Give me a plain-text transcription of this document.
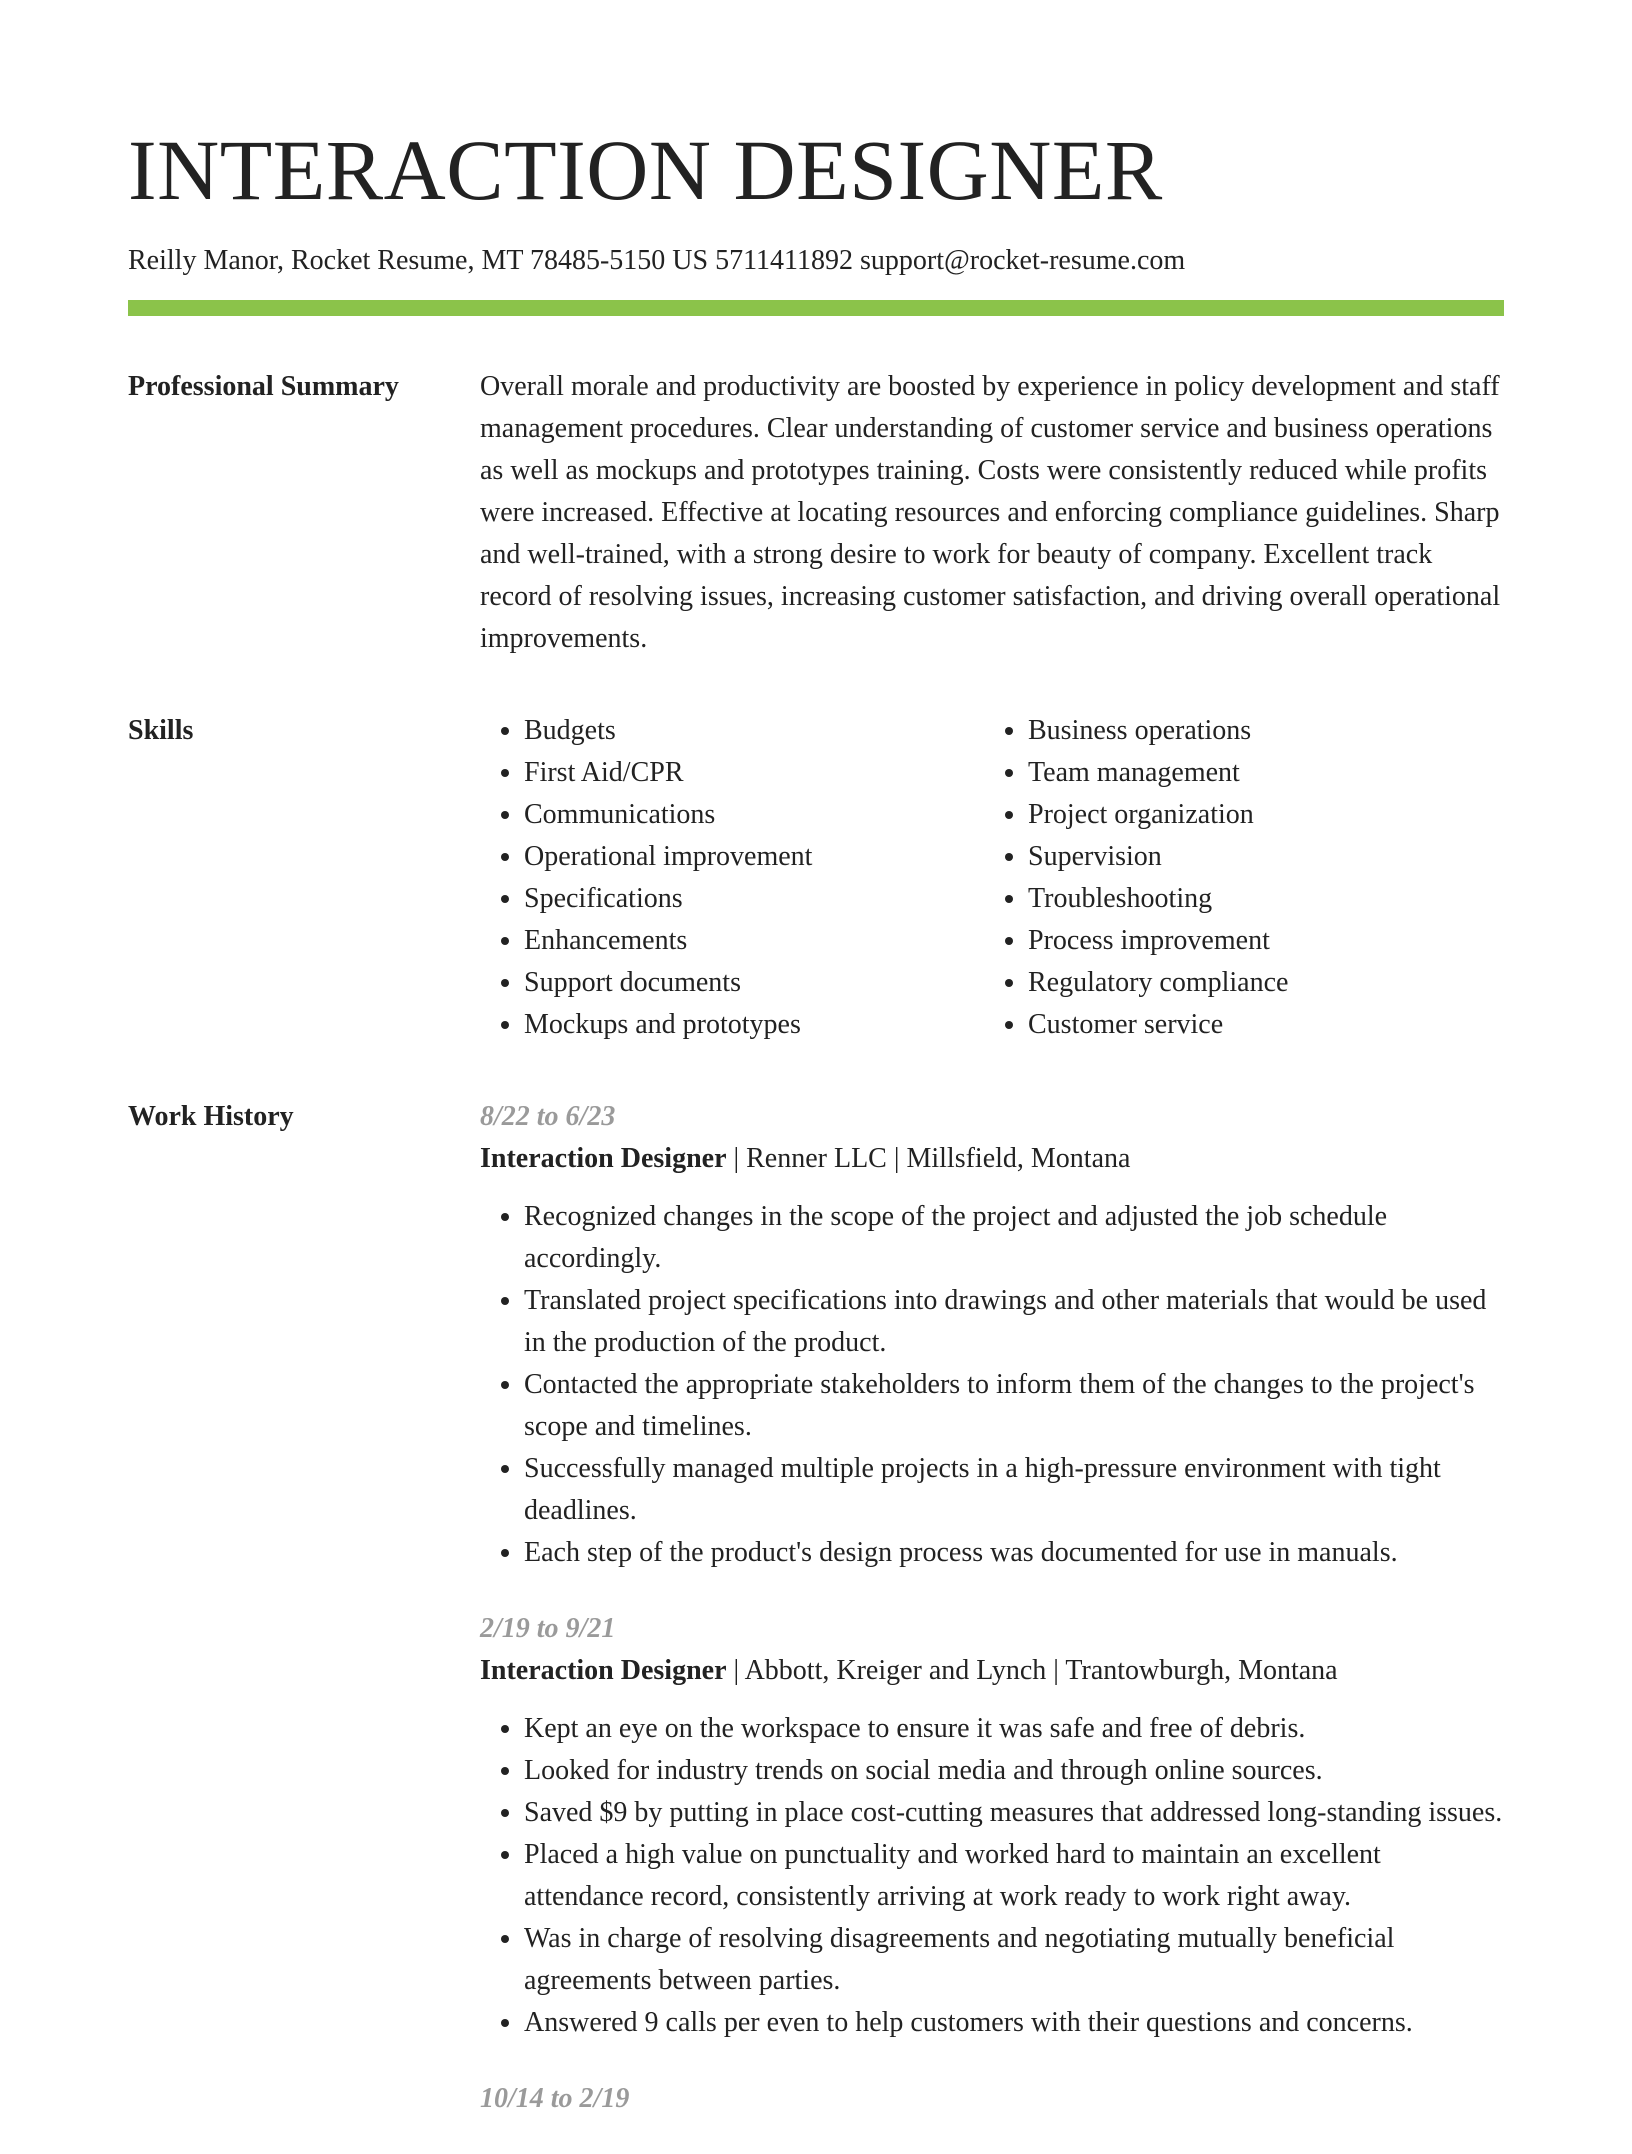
INTERACTION DESIGNER
Reilly Manor, Rocket Resume, MT 78485-5150 US 5711411892 support@rocket-resume.com
Professional Summary	Overall morale and productivity are boosted by experience in policy development and staff management procedures. Clear understanding of customer service and business operations as well as mockups and prototypes training. Costs were consistently reduced while profits were increased. Effective at locating resources and enforcing compliance guidelines. Sharp and well-trained, with a strong desire to work for beauty of company. Excellent track record of resolving issues, increasing customer satisfaction, and driving overall operational improvements.

Skills
•	Budgets
• First Aid/CPR
• Communications
• Operational improvement
• Specifications
• Enhancements
• Support documents
• Mockups and prototypes
• Business operations
• Team management
• Project organization
• Supervision
• Troubleshooting
• Process improvement
• Regulatory compliance
• Customer service
Work History	8/22 to 6/23
Interaction Designer | Renner LLC | Millsfield, Montana
• Recognized changes in the scope of the project and adjusted the job schedule accordingly.
• Translated project specifications into drawings and other materials that would be used in the production of the product.
• Contacted the appropriate stakeholders to inform them of the changes to the project's scope and timelines.
• Successfully managed multiple projects in a high-pressure environment with tight deadlines.
• Each step of the product's design process was documented for use in manuals.
2/19 to 9/21
Interaction Designer | Abbott, Kreiger and Lynch | Trantowburgh, Montana
• Kept an eye on the workspace to ensure it was safe and free of debris.
• Looked for industry trends on social media and through online sources.
• Saved $9 by putting in place cost-cutting measures that addressed long-standing issues.
• Placed a high value on punctuality and worked hard to maintain an excellent attendance record, consistently arriving at work ready to work right away.
• Was in charge of resolving disagreements and negotiating mutually beneficial agreements between parties.
• Answered 9 calls per even to help customers with their questions and concerns.
10/14 to 2/19
